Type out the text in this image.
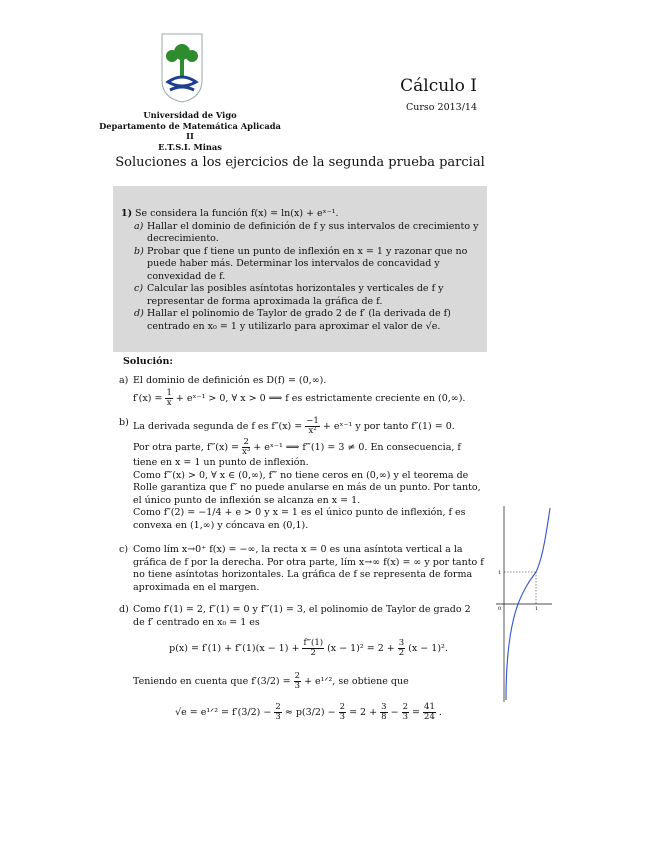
Universidad de Vigo
Departamento de Matemática Aplicada II
E.T.S.I. Minas
Cálculo I
Curso 2013/14
Soluciones a los ejercicios de la segunda prueba parcial
1) Se considera la función f(x) = ln(x) + eˣ⁻¹.
a) Hallar el dominio de definición de f y sus intervalos de crecimiento y decrecimiento.
b) Probar que f tiene un punto de inflexión en x = 1 y razonar que no puede haber más. Determinar los intervalos de concavidad y convexidad de f.
c) Calcular las posibles asíntotas horizontales y verticales de f y representar de forma aproximada la gráfica de f.
d) Hallar el polinomio de Taylor de grado 2 de f′ (la derivada de f) centrado en x₀ = 1 y utilizarlo para aproximar el valor de √e.
Solución:
a) El dominio de definición es D(f) = (0,∞).
$f'(x) = \frac{1}{x}$ + eˣ⁻¹ > 0, ∀ x > 0 ⟹ f es estrictamente creciente en (0,∞).
b) La derivada segunda de f es $f''(x) = \frac{-1}{\text{x²}}$ + eˣ⁻¹ y por tanto f″(1) = 0.
Por otra parte, f‴(x) = $\frac{2}{\text{x³}}$ + eˣ⁻¹ ⟹ f‴(1) = 3 ≠ 0. En consecuencia, f tiene en x = 1 un punto de inflexión.
Como f‴(x) > 0, ∀ x ∈ (0,∞), f‴ no tiene ceros en (0,∞) y el teorema de Rolle garantiza que f″ no puede anularse en más de un punto. Por tanto, el único punto de inflexión se alcanza en x = 1.
Como f″(2) = −1/4 + e > 0 y x = 1 es el único punto de inflexión, f es convexa en (1,∞) y cóncava en (0,1).
c) Como lím x→0⁺ f(x) = −∞, la recta x = 0 es una asíntota vertical a la gráfica de f por la derecha. Por otra parte, lím x→∞ f(x) = ∞ y por tanto f no tiene asíntotas horizontales. La gráfica de f se representa de forma aproximada en el margen.
d) Como f′(1) = 2, f″(1) = 0 y f‴(1) = 3, el polinomio de Taylor de grado 2 de f′ centrado en x₀ = 1 es
$p(x) = f'(1) + f''(1)(x - 1) + \frac{f‴(1)}{2} (x - 1)^2 = 2 + \frac{3}{2} (x - 1)^2$.
Teniendo en cuenta que $f'(3/2) = \frac{2}{3}$ + e¹ᐟ², se obtiene que
√e = e¹ᐟ² = $f'(3/2) - \frac{2}{3} \approx p(3/2) - \frac{2}{3} = 2 + \frac{3}{8} - \frac{2}{3} = \frac{41}{24}$ .
1
0	1
